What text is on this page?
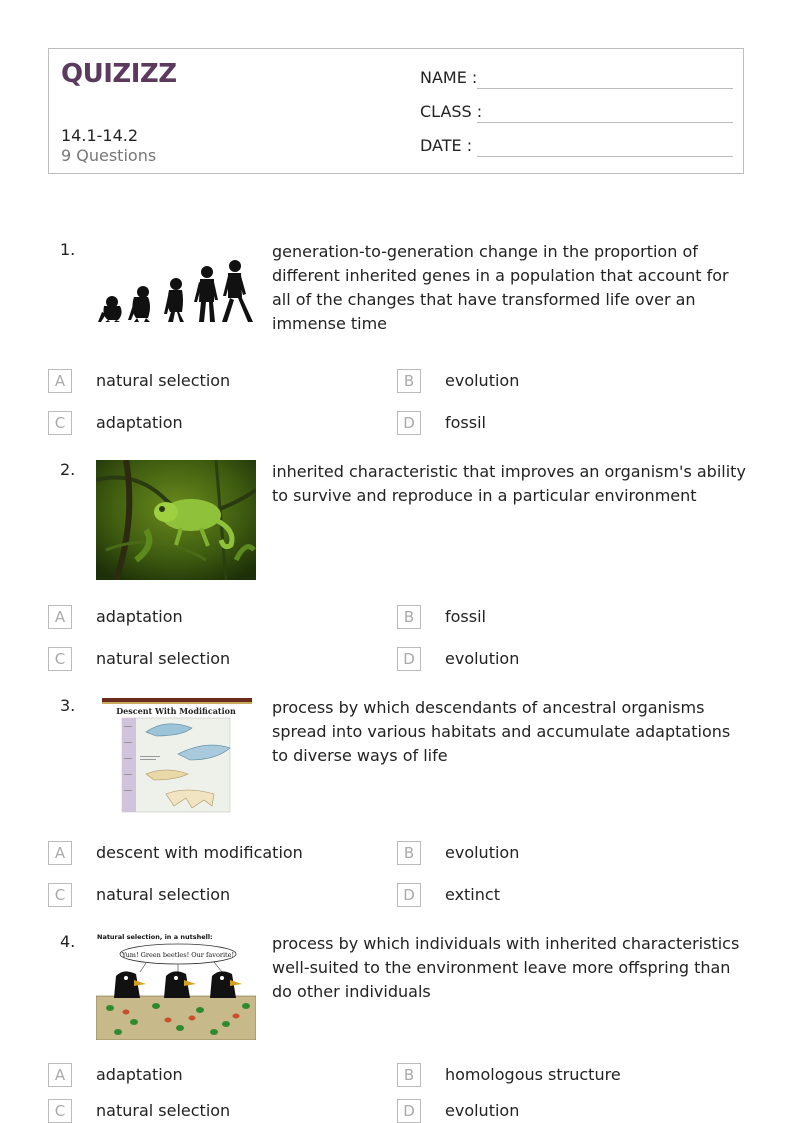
QUIZIZZ
14.1-14.2
9 Questions
NAME :
CLASS :
DATE :
1.	generation-to-generation change in the proportion of different inherited genes in a population that account for all of the changes that have transformed life over an immense time
A	natural selection	B	evolution
C	adaptation	D	fossil
2.	inherited characteristic that improves an organism's ability to survive and reproduce in a particular environment
A	adaptation	B	fossil
C	natural selection	D	evolution
3.	Descent With Modification process by which descendants of ancestral organisms spread into various habitats and accumulate adaptations to diverse ways of life
A	descent with modification	B	evolution
C	natural selection	D	extinct
4.	Natural selection, in a nutshell:
Yum! Green beetles! Our favorite!
process by which individuals with inherited characteristics well-suited to the environment leave more offspring than do other individuals
A	adaptation	B	homologous structure
C	natural selection	D	evolution
